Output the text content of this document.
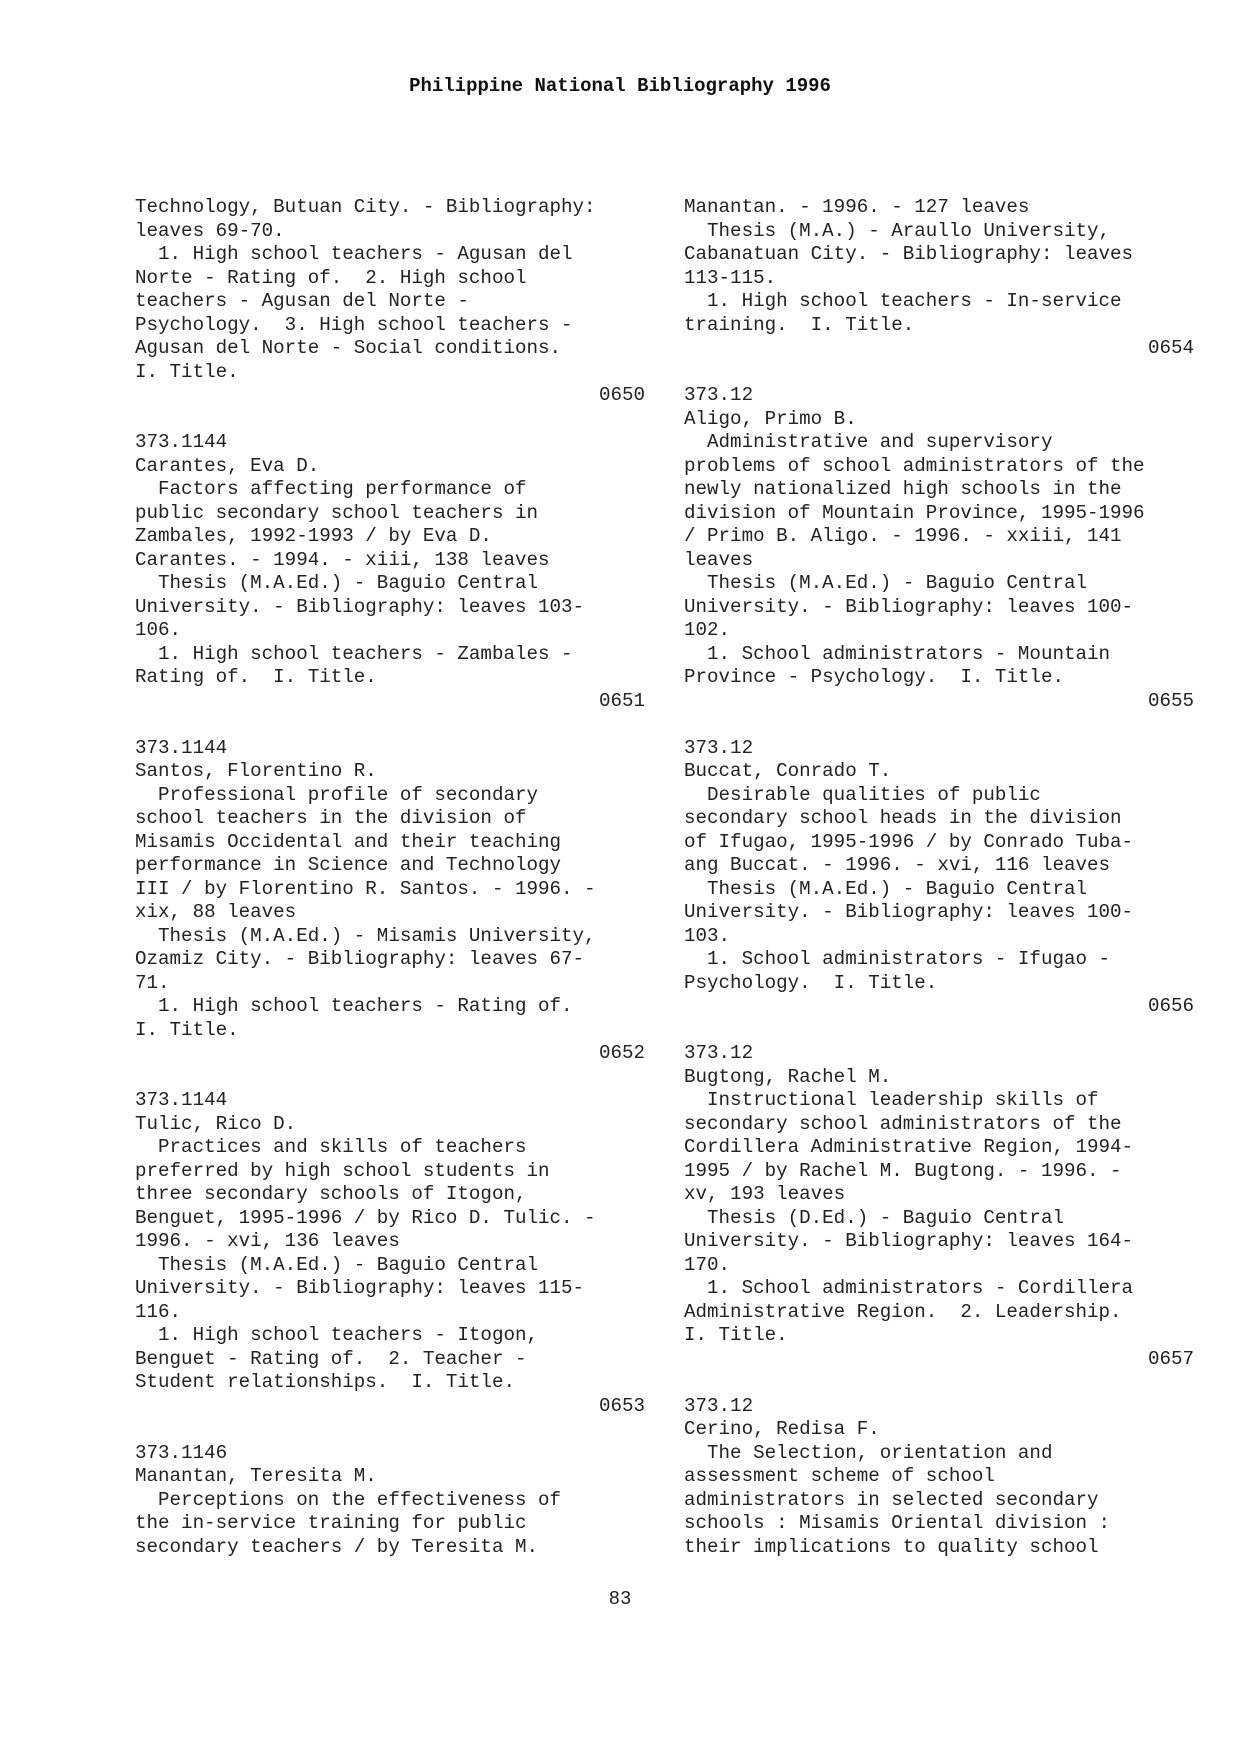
Philippine National Bibliography 1996
Technology, Butuan City. - Bibliography:
leaves 69-70.
1. High school teachers - Agusan del
Norte - Rating of.  2. High school
teachers - Agusan del Norte -
Psychology.  3. High school teachers -
Agusan del Norte - Social conditions.
I. Title.
0650
373.1144
Carantes, Eva D.
Factors affecting performance of
public secondary school teachers in
Zambales, 1992-1993 / by Eva D.
Carantes. - 1994. - xiii, 138 leaves
Thesis (M.A.Ed.) - Baguio Central
University. - Bibliography: leaves 103-
106.
1. High school teachers - Zambales -
Rating of.  I. Title.
0651
373.1144
Santos, Florentino R.
Professional profile of secondary
school teachers in the division of
Misamis Occidental and their teaching
performance in Science and Technology
III / by Florentino R. Santos. - 1996. -
xix, 88 leaves
Thesis (M.A.Ed.) - Misamis University,
Ozamiz City. - Bibliography: leaves 67-
71.
1. High school teachers - Rating of.
I. Title.
0652
373.1144
Tulic, Rico D.
Practices and skills of teachers
preferred by high school students in
three secondary schools of Itogon,
Benguet, 1995-1996 / by Rico D. Tulic. -
1996. - xvi, 136 leaves
Thesis (M.A.Ed.) - Baguio Central
University. - Bibliography: leaves 115-
116.
1. High school teachers - Itogon,
Benguet - Rating of.  2. Teacher -
Student relationships.  I. Title.
0653
373.1146
Manantan, Teresita M.
Perceptions on the effectiveness of
the in-service training for public
secondary teachers / by Teresita M.
Manantan. - 1996. - 127 leaves
Thesis (M.A.) - Araullo University,
Cabanatuan City. - Bibliography: leaves
113-115.
1. High school teachers - In-service
training.  I. Title.
0654
373.12
Aligo, Primo B.
Administrative and supervisory
problems of school administrators of the
newly nationalized high schools in the
division of Mountain Province, 1995-1996
/ Primo B. Aligo. - 1996. - xxiii, 141
leaves
Thesis (M.A.Ed.) - Baguio Central
University. - Bibliography: leaves 100-
102.
1. School administrators - Mountain
Province - Psychology.  I. Title.
0655
373.12
Buccat, Conrado T.
Desirable qualities of public
secondary school heads in the division
of Ifugao, 1995-1996 / by Conrado Tuba-
ang Buccat. - 1996. - xvi, 116 leaves
Thesis (M.A.Ed.) - Baguio Central
University. - Bibliography: leaves 100-
103.
1. School administrators - Ifugao -
Psychology.  I. Title.
0656
373.12
Bugtong, Rachel M.
Instructional leadership skills of
secondary school administrators of the
Cordillera Administrative Region, 1994-
1995 / by Rachel M. Bugtong. - 1996. -
xv, 193 leaves
Thesis (D.Ed.) - Baguio Central
University. - Bibliography: leaves 164-
170.
1. School administrators - Cordillera
Administrative Region.  2. Leadership.
I. Title.
0657
373.12
Cerino, Redisa F.
The Selection, orientation and
assessment scheme of school
administrators in selected secondary
schools : Misamis Oriental division :
their implications to quality school
83
